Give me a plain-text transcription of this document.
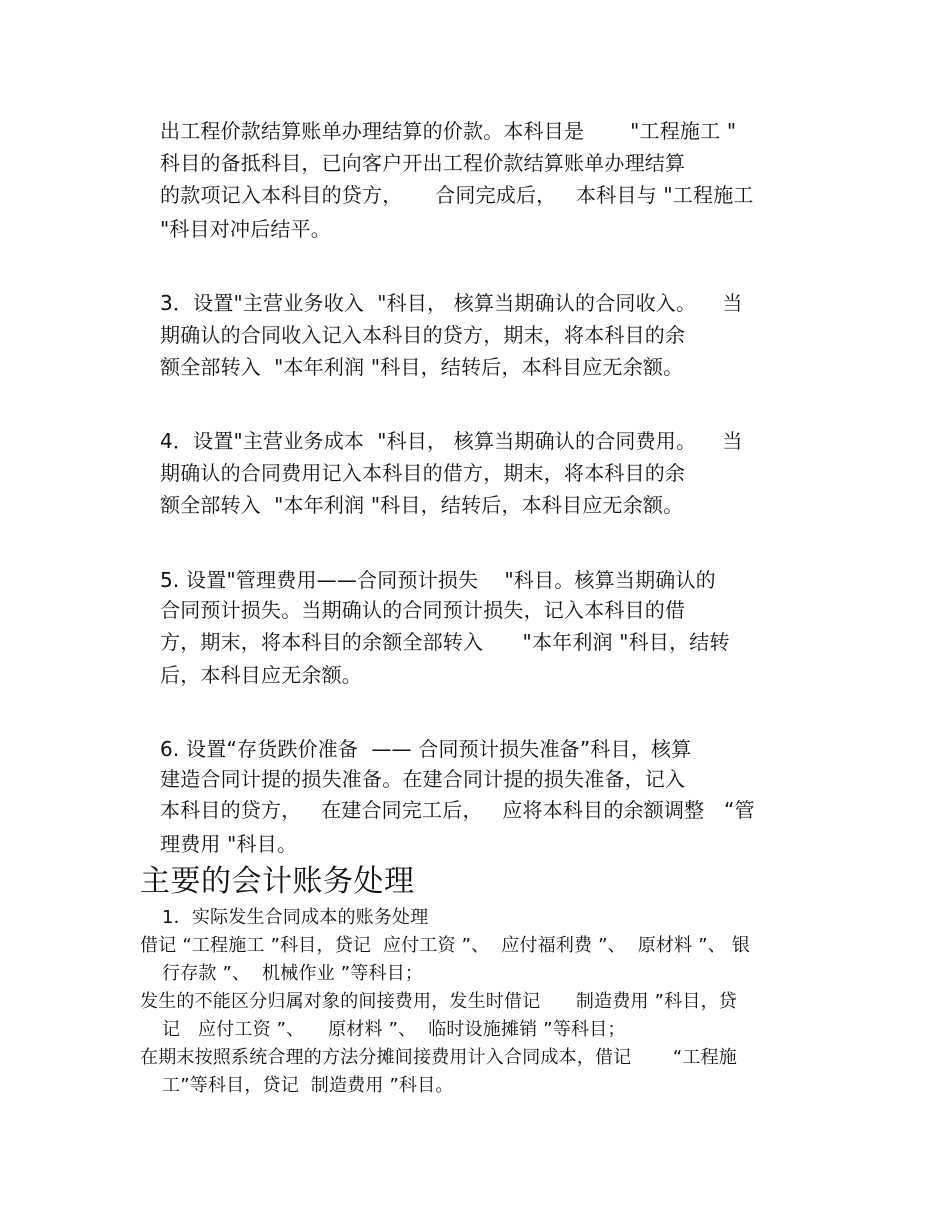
出工程价款结算账单办理结算的价款。本科目是       "工程施工 "
科目的备抵科目，已向客户开出工程价款结算账单办理结算
的款项记入本科目的贷方，     合同完成后，   本科目与 "工程施工
"科目对冲后结平。
3．设置"主营业务收入  "科目， 核算当期确认的合同收入。    当
期确认的合同收入记入本科目的贷方，期末，将本科目的余
额全部转入  "本年利润 "科目，结转后，本科目应无余额。
4．设置"主营业务成本  "科目， 核算当期确认的合同费用。    当
期确认的合同费用记入本科目的借方，期末，将本科目的余
额全部转入  "本年利润 "科目，结转后，本科目应无余额。
5. 设置"管理费用——合同预计损失    "科目。核算当期确认的
合同预计损失。当期确认的合同预计损失，记入本科目的借
方，期末，将本科目的余额全部转入      "本年利润 "科目，结转
后，本科目应无余额。
6. 设置“存货跌价准备  —— 合同预计损失准备”科目，核算
建造合同计提的损失准备。在建合同计提的损失准备，记入
本科目的贷方，   在建合同完工后，   应将本科目的余额调整   “管
理费用 "科目。
主要的会计账务处理
1．实际发生合同成本的账务处理
借记 “工程施工 ”科目，贷记  应付工资 ”、  应付福利费 ”、  原材料 ”、 银
行存款 ”、  机械作业 ”等科目；
发生的不能区分归属对象的间接费用，发生时借记      制造费用 ”科目，贷
记   应付工资 ”、    原材料 ”、  临时设施摊销 ”等科目；
在期末按照系统合理的方法分摊间接费用计入合同成本，借记       “工程施
工”等科目，贷记  制造费用 ”科目。
